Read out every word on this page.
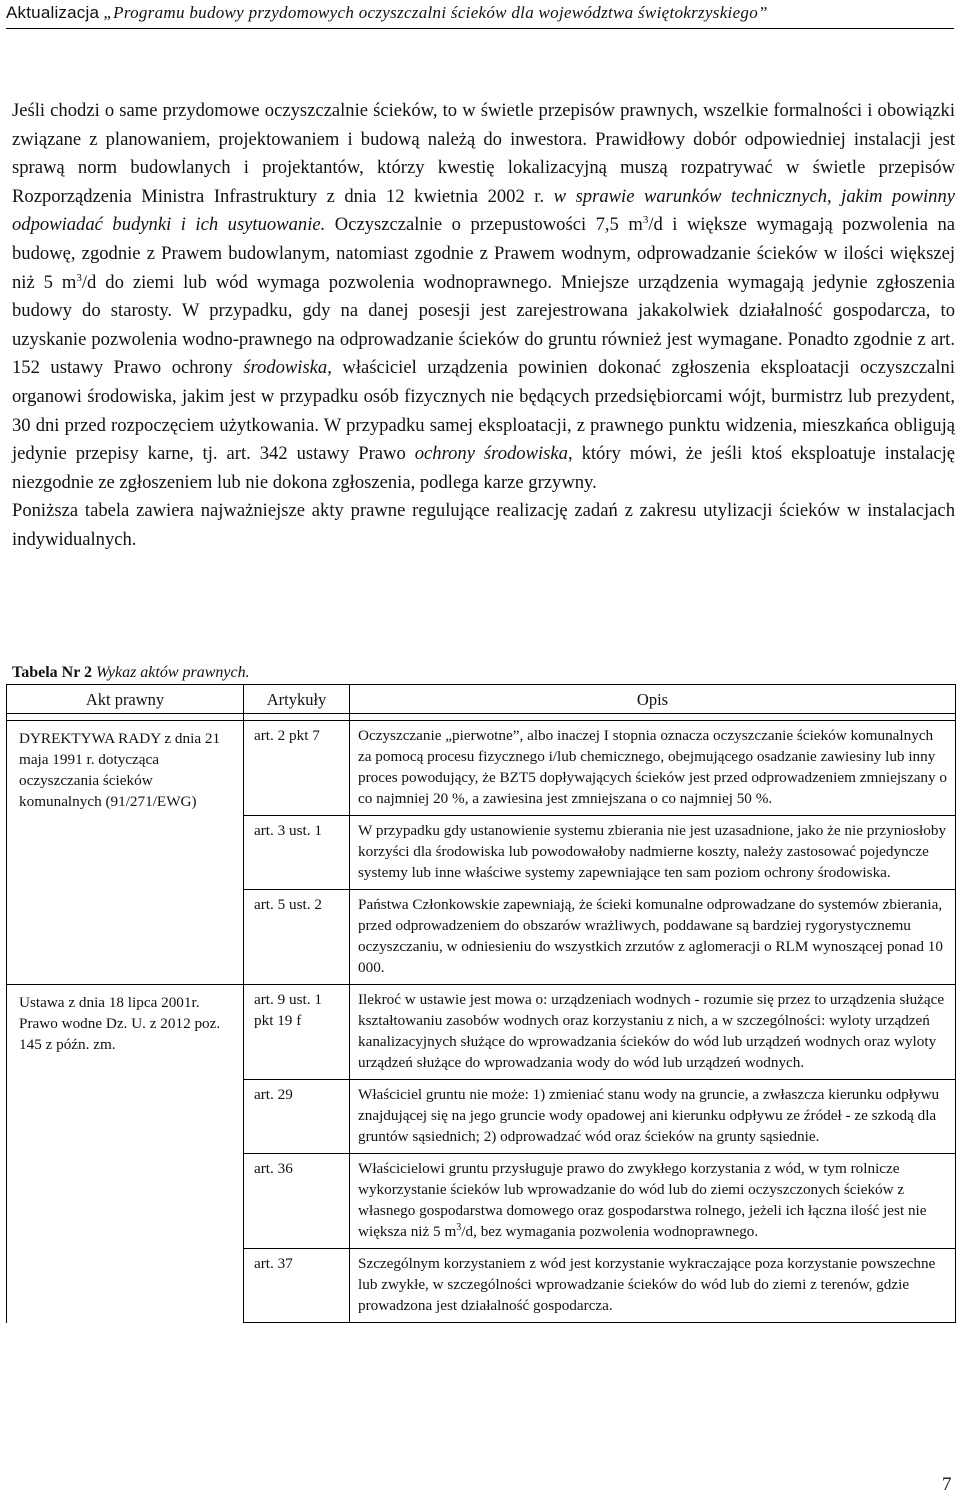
Aktualizacja „Programu budowy przydomowych oczyszczalni ścieków dla województwa świętokrzyskiego”

Jeśli chodzi o same przydomowe oczyszczalnie ścieków, to w świetle przepisów prawnych, wszelkie formalności i obowiązki związane z planowaniem, projektowaniem i budową należą do inwestora. Prawidłowy dobór odpowiedniej instalacji jest sprawą norm budowlanych i projektantów, którzy kwestię lokalizacyjną muszą rozpatrywać w świetle przepisów Rozporządzenia Ministra Infrastruktury z dnia 12 kwietnia 2002 r. w sprawie warunków technicznych, jakim powinny odpowiadać budynki i ich usytuowanie. Oczyszczalnie o przepustowości 7,5 $m^3/d$ i większe wymagają pozwolenia na budowę, zgodnie z Prawem budowlanym, natomiast zgodnie z Prawem wodnym, odprowadzanie ścieków w ilości większej niż 5 $m^3/d$ do ziemi lub wód wymaga pozwolenia wodnoprawnego. Mniejsze urządzenia wymagają jedynie zgłoszenia budowy do starosty. W przypadku, gdy na danej posesji jest zarejestrowana jakakolwiek działalność gospodarcza, to uzyskanie pozwolenia wodno-prawnego na odprowadzanie ścieków do gruntu również jest wymagane. Ponadto zgodnie z art. 152 ustawy Prawo ochrony środowiska, właściciel urządzenia powinien dokonać zgłoszenia eksploatacji oczyszczalni organowi środowiska, jakim jest w przypadku osób fizycznych nie będących przedsiębiorcami wójt, burmistrz lub prezydent, 30 dni przed rozpoczęciem użytkowania. W przypadku samej eksploatacji, z prawnego punktu widzenia, mieszkańca obligują jedynie przepisy karne, tj. art. 342 ustawy Prawo ochrony środowiska, który mówi, że jeśli ktoś eksploatuje instalację niezgodnie ze zgłoszeniem lub nie dokona zgłoszenia, podlega karze grzywny.

Poniższa tabela zawiera najważniejsze akty prawne regulujące realizację zadań z zakresu utylizacji ścieków w instalacjach indywidualnych.

Tabela Nr 2 Wykaz aktów prawnych.
Akt prawny	Artykuły	Opis

DYREKTYWA RADY z dnia 21 maja 1991 r. dotycząca oczyszczania ścieków komunalnych (91/271/EWG)	art. 2 pkt 7	Oczyszczanie „pierwotne”, albo inaczej I stopnia oznacza oczyszczanie ścieków komunalnych za pomocą procesu fizycznego i/lub chemicznego, obejmującego osadzanie zawiesiny lub inny proces powodujący, że BZT5 dopływających ścieków jest przed odprowadzeniem zmniejszany o co najmniej 20 %, a zawiesina jest zmniejszana o co najmniej 50 %.

	art. 3 ust. 1	W przypadku gdy ustanowienie systemu zbierania nie jest uzasadnione, jako że nie przyniosłoby korzyści dla środowiska lub powodowałoby nadmierne koszty, należy zastosować pojedyncze systemy lub inne właściwe systemy zapewniające ten sam poziom ochrony środowiska.

	art. 5 ust. 2	Państwa Członkowskie zapewniają, że ścieki komunalne odprowadzane do systemów zbierania, przed odprowadzeniem do obszarów wrażliwych, poddawane są bardziej rygorystycznemu oczyszczaniu, w odniesieniu do wszystkich zrzutów z aglomeracji o RLM wynoszącej ponad 10 000.

Ustawa z dnia 18 lipca 2001r. Prawo wodne Dz. U. z 2012 poz. 145 z późn. zm.	art. 9 ust. 1 pkt 19 f	Ilekroć w ustawie jest mowa o: urządzeniach wodnych - rozumie się przez to urządzenia służące kształtowaniu zasobów wodnych oraz korzystaniu z nich, a w szczególności: wyloty urządzeń kanalizacyjnych służące do wprowadzania ścieków do wód lub urządzeń wodnych oraz wyloty urządzeń służące do wprowadzania wody do wód lub urządzeń wodnych.

	art. 29	Właściciel gruntu nie może: 1) zmieniać stanu wody na gruncie, a zwłaszcza kierunku odpływu znajdującej się na jego gruncie wody opadowej ani kierunku odpływu ze źródeł - ze szkodą dla gruntów sąsiednich; 2) odprowadzać wód oraz ścieków na grunty sąsiednie.

	art. 36	Właścicielowi gruntu przysługuje prawo do zwykłego korzystania z wód, w tym rolnicze wykorzystanie ścieków lub wprowadzanie do wód lub do ziemi oczyszczonych ścieków z własnego gospodarstwa domowego oraz gospodarstwa rolnego, jeżeli ich łączna ilość jest nie większa niż 5 $m^3/d$, bez wymagania pozwolenia wodnoprawnego.

	art. 37	Szczególnym korzystaniem z wód jest korzystanie wykraczające poza korzystanie powszechne lub zwykłe, w szczególności wprowadzanie ścieków do wód lub do ziemi z terenów, gdzie prowadzona jest działalność gospodarcza.
7
